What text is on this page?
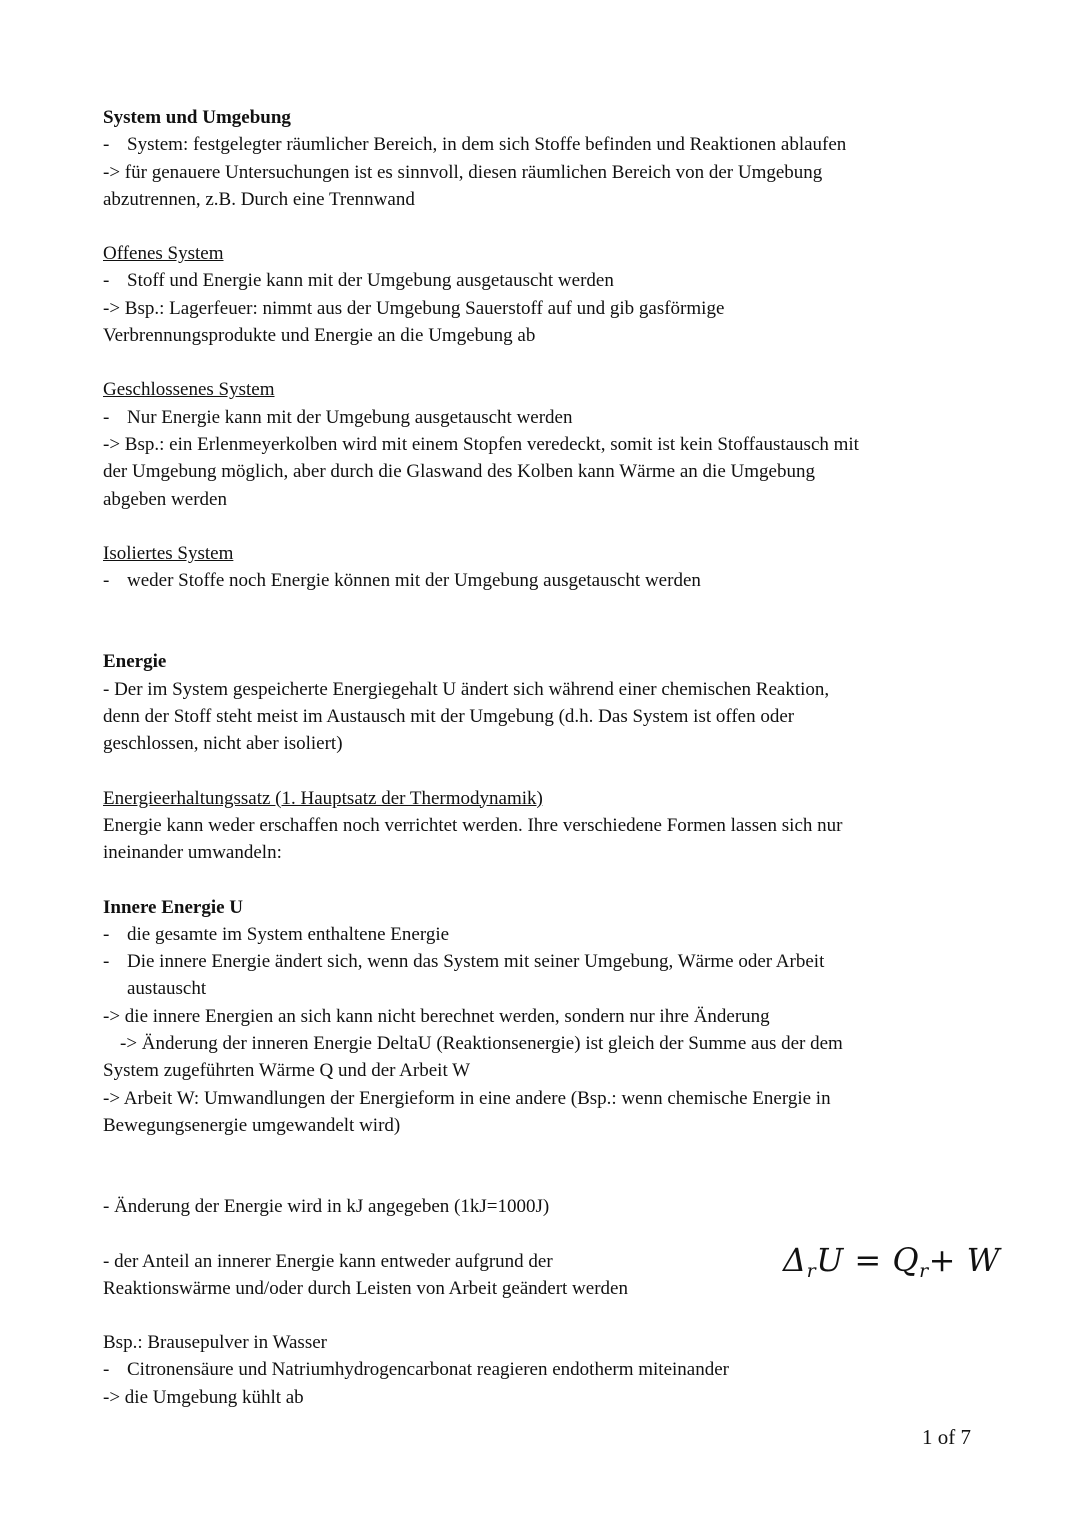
System und Umgebung

- System: festgelegter räumlicher Bereich, in dem sich Stoffe befinden und Reaktionen ablaufen

-> für genauere Untersuchungen ist es sinnvoll, diesen räumlichen Bereich von der Umgebung

abzutrennen, z.B. Durch eine Trennwand

Offenes System

- Stoff und Energie kann mit der Umgebung ausgetauscht werden

-> Bsp.: Lagerfeuer: nimmt aus der Umgebung Sauerstoff auf und gib gasförmige

Verbrennungsprodukte und Energie an die Umgebung ab

Geschlossenes System

- Nur Energie kann mit der Umgebung ausgetauscht werden

-> Bsp.: ein Erlenmeyerkolben wird mit einem Stopfen veredeckt, somit ist kein Stoffaustausch mit

der Umgebung möglich, aber durch die Glaswand des Kolben kann Wärme an die Umgebung

abgeben werden

Isoliertes System

- weder Stoffe noch Energie können mit der Umgebung ausgetauscht werden

Energie

- Der im System gespeicherte Energiegehalt U ändert sich während einer chemischen Reaktion,

denn der Stoff steht meist im Austausch mit der Umgebung (d.h. Das System ist offen oder

geschlossen, nicht aber isoliert)

Energieerhaltungssatz (1. Hauptsatz der Thermodynamik)

Energie kann weder erschaffen noch verrichtet werden. Ihre verschiedene Formen lassen sich nur

ineinander umwandeln:

Innere Energie U

- die gesamte im System enthaltene Energie
- Die innere Energie ändert sich, wenn das System mit seiner Umgebung, Wärme oder Arbeit
austauscht

-> die innere Energien an sich kann nicht berechnet werden, sondern nur ihre Änderung

-> Änderung der inneren Energie DeltaU (Reaktionsenergie) ist gleich der Summe aus der dem

System zugeführten Wärme Q und der Arbeit W

-> Arbeit W: Umwandlungen der Energieform in eine andere (Bsp.: wenn chemische Energie in

Bewegungsenergie umgewandelt wird)

- Änderung der Energie wird in kJ angegeben (1kJ=1000J)

- der Anteil an innerer Energie kann entweder aufgrund der

Reaktionswärme und/oder durch Leisten von Arbeit geändert werden

$\Delta_rU = Q_r+ W$

Bsp.: Brausepulver in Wasser

- Citronensäure und Natriumhydrogencarbonat reagieren endotherm miteinander

-> die Umgebung kühlt ab

1 of 7
